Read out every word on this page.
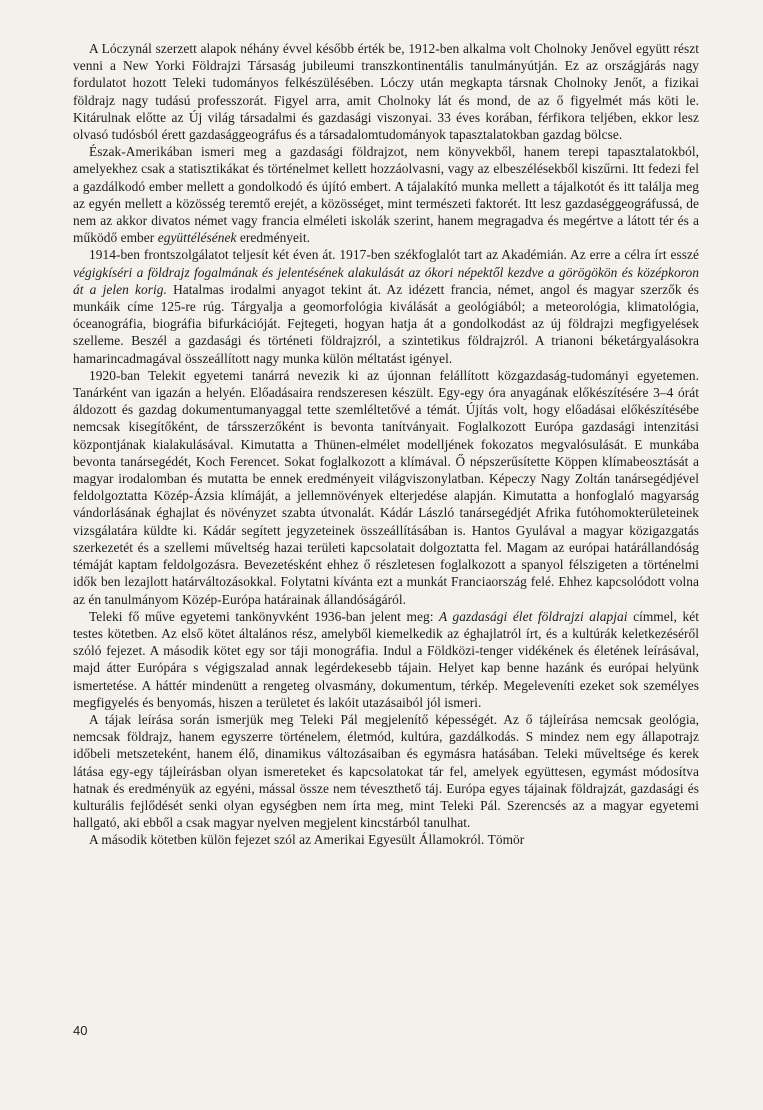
A Lóczynál szerzett alapok néhány évvel később érték be, 1912-ben alkalma volt Cholnoky Jenővel együtt részt venni a New Yorki Földrajzi Társaság jubileumi transzkontinentális tanulmányútján. Ez az országjárás nagy fordulatot hozott Teleki tudományos felkészülésében. Lóczy után megkapta társnak Cholnoky Jenőt, a fizikai földrajz nagy tudású professzorát. Figyel arra, amit Cholnoky lát és mond, de az ő figyelmét más köti le. Kitárulnak előtte az Új világ társadalmi és gazdasági viszonyai. 33 éves korában, férfikora teljében, ekkor lesz olvasó tudósból érett gazdasággeográfus és a társadalomtudományok tapasztalatokban gazdag bölcse.

Észak-Amerikában ismeri meg a gazdasági földrajzot, nem könyvekből, hanem terepi tapasztalatokból, amelyekhez csak a statisztikákat és történelmet kellett hozzáolvasni, vagy az elbeszélésekből kiszűrni. Itt fedezi fel a gazdálkodó ember mellett a gondolkodó és újító embert. A tájalakító munka mellett a tájalkotót és itt találja meg az egyén mellett a közösség teremtő erejét, a közösséget, mint természeti faktorét. Itt lesz gazdaséggeográfussá, de nem az akkor divatos német vagy francia elméleti iskolák szerint, hanem megragadva és megértve a látott tér és a működő ember együttélésének eredményeit.

1914-ben frontszolgálatot teljesít két éven át. 1917-ben székfoglalót tart az Akadémián. Az erre a célra írt esszé végigkíséri a földrajz fogalmának és jelentésének alakulását az ókori népektől kezdve a görögökön és középkoron át a jelen korig. Hatalmas irodalmi anyagot tekint át. Az idézett francia, német, angol és magyar szerzők és munkáik címe 125-re rúg. Tárgyalja a geomorfológia kiválását a geológiából; a meteorológia, klimatológia, óceanográfia, biográfia bifurkációját. Fejtegeti, hogyan hatja át a gondolkodást az új földrajzi megfigyelések szelleme. Beszél a gazdasági és történeti földrajzról, a szintetikus földrajzról. A trianoni béketárgyalásokra hamarincadmagával összeállított nagy munka külön méltatást igényel.

1920-ban Telekit egyetemi tanárrá nevezik ki az újonnan felállított közgazdaság-tudományi egyetemen. Tanárként van igazán a helyén. Előadásaira rendszeresen készült. Egy-egy óra anyagának előkészítésére 3–4 órát áldozott és gazdag dokumentumanyaggal tette szemléltetővé a témát. Újítás volt, hogy előadásai előkészítésébe nemcsak kisegítőként, de társszerzőként is bevonta tanítványait. Foglalkozott Európa gazdasági intenzitási központjának kialakulásával. Kimutatta a Thünen-elmélet modelljének fokozatos megvalósulását. E munkába bevonta tanársegédét, Koch Ferencet. Sokat foglalkozott a klímával. Ő népszerűsítette Köppen klímabeosztását a magyar irodalomban és mutatta be ennek eredményeit világviszonylatban. Képeczy Nagy Zoltán tanársegédjével feldolgoztatta Közép-Ázsia klímáját, a jellemnövények elterjedése alapján. Kimutatta a honfoglaló magyarság vándorlásának éghajlat és növényzet szabta útvonalát. Kádár László tanársegédjét Afrika futóhomokterületeinek vizsgálatára küldte ki. Kádár segített jegyzeteinek összeállításában is. Hantos Gyulával a magyar közigazgatás szerkezetét és a szellemi műveltség hazai területi kapcsolatait dolgoztatta fel. Magam az európai határállandóság témáját kaptam feldolgozásra. Bevezetésként ehhez ő részletesen foglalkozott a spanyol félszigeten a történelmi idők ben lezajlott határváltozásokkal. Folytatni kívánta ezt a munkát Franciaország felé. Ehhez kapcsolódott volna az én tanulmányom Közép-Európa határainak állandóságáról.

Teleki fő műve egyetemi tankönyvként 1936-ban jelent meg: A gazdasági élet földrajzi alapjai címmel, két testes kötetben. Az első kötet általános rész, amelyből kiemelkedik az éghajlatról írt, és a kultúrák keletkezéséről szóló fejezet. A második kötet egy sor táji monográfia. Indul a Földközi-tenger vidékének és életének leírásával, majd átter Európára s végigszalad annak legérdekesebb tájain. Helyet kap benne hazánk és európai helyünk ismertetése. A háttér mindenütt a rengeteg olvasmány, dokumentum, térkép. Megeleveníti ezeket sok személyes megfigyelés és benyomás, hiszen a területet és lakóit utazásaiból jól ismeri.

A tájak leírása során ismerjük meg Teleki Pál megjelenítő képességét. Az ő tájleírása nemcsak geológia, nemcsak földrajz, hanem egyszerre történelem, életmód, kultúra, gazdálkodás. S mindez nem egy állapotrajz időbeli metszeteként, hanem élő, dinamikus változásaiban és egymásra hatásában. Teleki műveltsége és kerek látása egy-egy tájleírásban olyan ismereteket és kapcsolatokat tár fel, amelyek együttesen, egymást módosítva hatnak és eredményük az egyéni, mással össze nem téveszthető táj. Európa egyes tájainak földrajzát, gazdasági és kulturális fejlődését senki olyan egységben nem írta meg, mint Teleki Pál. Szerencsés az a magyar egyetemi hallgató, aki ebből a csak magyar nyelven megjelent kincstárból tanulhat.

A második kötetben külön fejezet szól az Amerikai Egyesült Államokról. Tömör

40
